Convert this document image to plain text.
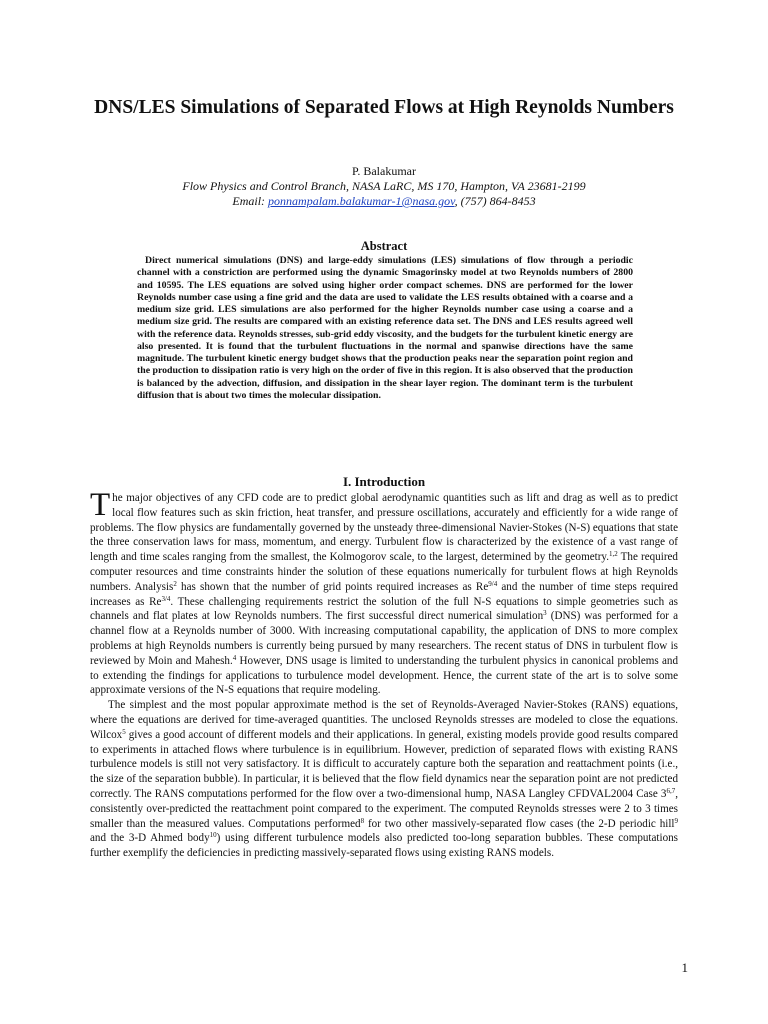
DNS/LES Simulations of Separated Flows at High Reynolds Numbers
P. Balakumar
Flow Physics and Control Branch, NASA LaRC, MS 170, Hampton, VA 23681-2199
Email: ponnampalam.balakumar-1@nasa.gov, (757) 864-8453
Abstract
Direct numerical simulations (DNS) and large-eddy simulations (LES) simulations of flow through a periodic channel with a constriction are performed using the dynamic Smagorinsky model at two Reynolds numbers of 2800 and 10595. The LES equations are solved using higher order compact schemes. DNS are performed for the lower Reynolds number case using a fine grid and the data are used to validate the LES results obtained with a coarse and a medium size grid. LES simulations are also performed for the higher Reynolds number case using a coarse and a medium size grid. The results are compared with an existing reference data set. The DNS and LES results agreed well with the reference data. Reynolds stresses, sub-grid eddy viscosity, and the budgets for the turbulent kinetic energy are also presented. It is found that the turbulent fluctuations in the normal and spanwise directions have the same magnitude. The turbulent kinetic energy budget shows that the production peaks near the separation point region and the production to dissipation ratio is very high on the order of five in this region. It is also observed that the production is balanced by the advection, diffusion, and dissipation in the shear layer region. The dominant term is the turbulent diffusion that is about two times the molecular dissipation.
I. Introduction

The major objectives of any CFD code are to predict global aerodynamic quantities such as lift and drag as well as to predict local flow features such as skin friction, heat transfer, and pressure oscillations, accurately and efficiently for a wide range of problems. The flow physics are fundamentally governed by the unsteady three-dimensional Navier-Stokes (N-S) equations that state the three conservation laws for mass, momentum, and energy. Turbulent flow is characterized by the existence of a vast range of length and time scales ranging from the smallest, the Kolmogorov scale, to the largest, determined by the geometry.$^{1,2}$ The required computer resources and time constraints hinder the solution of these equations numerically for turbulent flows at high Reynolds numbers. Analysis$^2$ has shown that the number of grid points required increases as $Re^{9/4}$ and the number of time steps required increases as $Re^{3/4}$. These challenging requirements restrict the solution of the full N-S equations to simple geometries such as channels and flat plates at low Reynolds numbers. The first successful direct numerical simulation$^3$ (DNS) was performed for a channel flow at a Reynolds number of 3000. With increasing computational capability, the application of DNS to more complex problems at high Reynolds numbers is currently being pursued by many researchers. The recent status of DNS in turbulent flow is reviewed by Moin and Mahesh.$^4$ However, DNS usage is limited to understanding the turbulent physics in canonical problems and to extending the findings for applications to turbulence model development. Hence, the current state of the art is to solve some approximate versions of the N-S equations that require modeling.

The simplest and the most popular approximate method is the set of Reynolds-Averaged Navier-Stokes (RANS) equations, where the equations are derived for time-averaged quantities. The unclosed Reynolds stresses are modeled to close the equations. Wilcox$^5$ gives a good account of different models and their applications. In general, existing models provide good results compared to experiments in attached flows where turbulence is in equilibrium. However, prediction of separated flows with existing RANS turbulence models is still not very satisfactory. It is difficult to accurately capture both the separation and reattachment points (i.e., the size of the separation bubble). In particular, it is believed that the flow field dynamics near the separation point are not predicted correctly. The RANS computations performed for the flow over a two-dimensional hump, NASA Langley CFDVAL2004 Case 3$^{6,7}$, consistently over-predicted the reattachment point compared to the experiment. The computed Reynolds stresses were 2 to 3 times smaller than the measured values. Computations performed$^8$ for two other massively-separated flow cases (the 2-D periodic hill$^9$ and the 3-D Ahmed body$^{10}$) using different turbulence models also predicted too-long separation bubbles. These computations further exemplify the deficiencies in predicting massively-separated flows using existing RANS models.

1
